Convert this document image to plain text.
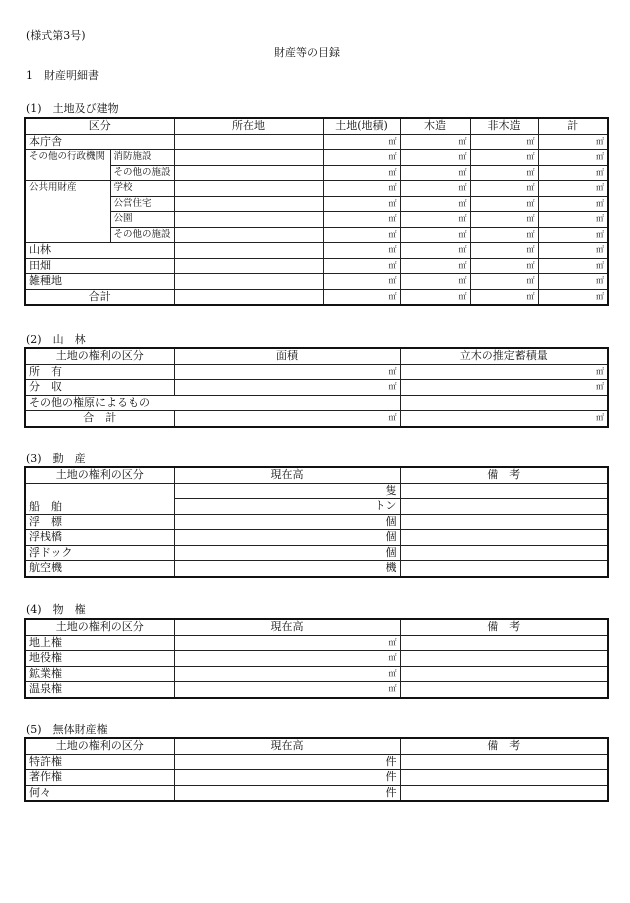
(様式第3号)
財産等の目録
1　財産明細書
(1)　土地及び建物
区分		所在地	土地(地積)	木造	非木造	計
本庁舎			㎡	㎡	㎡	㎡
その他の行政機関	消防施設		㎡	㎡	㎡	㎡
	その他の施設		㎡	㎡	㎡	㎡
公共用財産	学校		㎡	㎡	㎡	㎡
	公営住宅		㎡	㎡	㎡	㎡
	公園		㎡	㎡	㎡	㎡
	その他の施設		㎡	㎡	㎡	㎡
山林			㎡	㎡	㎡	㎡
田畑			㎡	㎡	㎡	㎡
雑種地			㎡	㎡	㎡	㎡
合計			㎡	㎡	㎡	㎡
(2)　山　林
土地の権利の区分	面積	立木の推定蓄積量
所　有	㎡	㎡
分　収	㎡	㎡
その他の権原によるもの		
合　計	㎡	㎡
(3)　動　産
土地の権利の区分	現在高	備　考
船　舶	隻	
	トン	
浮　標	個	
浮桟橋	個	
浮ドック	個	
航空機	機	
(4)　物　権
土地の権利の区分	現在高	備　考
地上権	㎡	
地役権	㎡	
鉱業権	㎡	
温泉権	㎡	
(5)　無体財産権
土地の権利の区分	現在高	備　考
特許権	件	
著作権	件	
何々	件	
